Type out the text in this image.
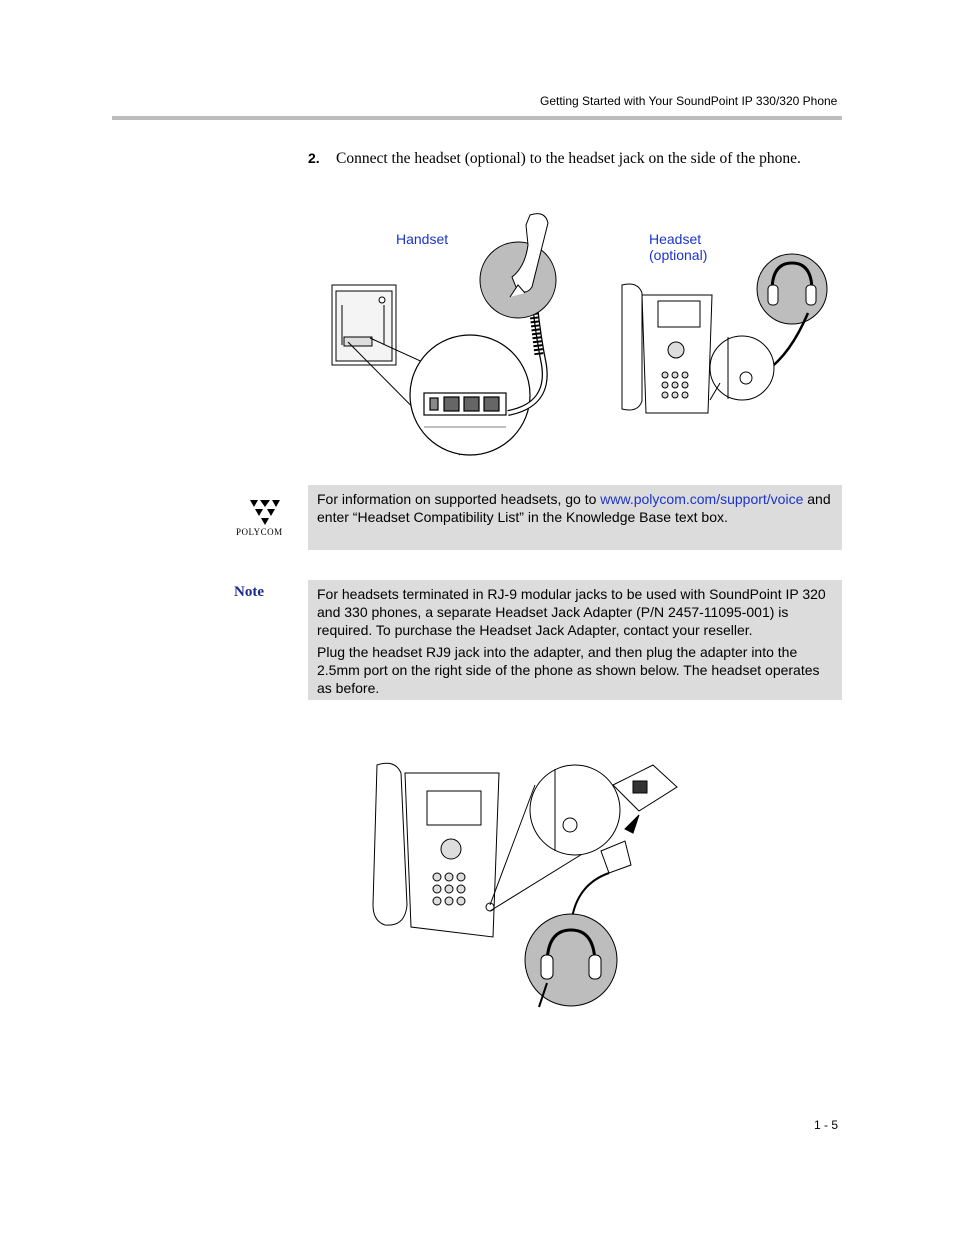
Getting Started with Your SoundPoint IP 330/320 Phone
2. Connect the headset (optional) to the headset jack on the side of the phone.
Handset	Headset
(optional)
POLYCOM
For information on supported headsets, go to www.polycom.com/support/voice and enter “Headset Compatibility List” in the Knowledge Base text box.
Note	For headsets terminated in RJ-9 modular jacks to be used with SoundPoint IP 320 and 330 phones, a separate Headset Jack Adapter (P/N 2457-11095-001) is required. To purchase the Headset Jack Adapter, contact your reseller.

Plug the headset RJ9 jack into the adapter, and then plug the adapter into the 2.5mm port on the right side of the phone as shown below. The headset operates as before.

1 - 5
